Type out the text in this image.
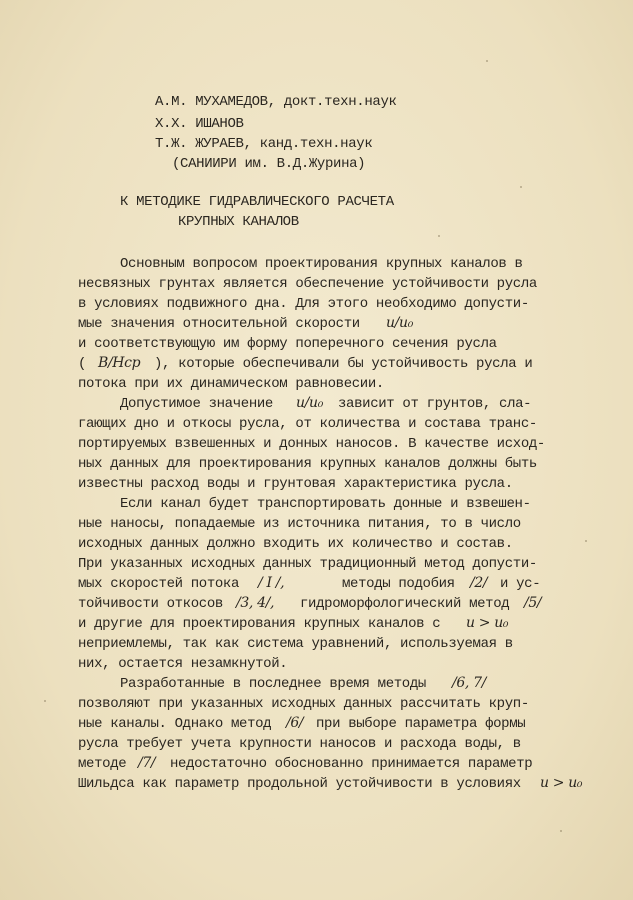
А.М. МУХАМЕДОВ, докт.техн.наук
Х.Х. ИШАНОВ
Т.Ж. ЖУРАЕВ, канд.техн.наук
(САНИИРИ им. В.Д.Журина)
К МЕТОДИКЕ ГИДРАВЛИЧЕСКОГО РАСЧЕТА
КРУПНЫХ КАНАЛОВ
Основным вопросом проектирования крупных каналов в
несвязных грунтах является обеспечение устойчивости русла
в условиях подвижного дна. Для этого необходимо допусти-
мые значения относительной скорости u/u₀
и соответствующую им форму поперечного сечения русла
( B/Hср ), которые обеспечивали бы устойчивость русла и
потока при их динамическом равновесии.
Допустимое значение u/u₀ зависит от грунтов, сла-
гающих дно и откосы русла, от количества и состава транс-
портируемых взвешенных и донных наносов. В качестве исход-
ных данных для проектирования крупных каналов должны быть
известны расход воды и грунтовая характеристика русла.
Если канал будет транспортировать донные и взвешен-
ные наносы, попадаемые из источника питания, то в число
исходных данных должно входить их количество и состав.
При указанных исходных данных традиционный метод допусти-
мых скоростей потока / I /,	методы подобия /2/ и ус-
тойчивости откосов /3, 4/, гидроморфологический метод /5/
и другие для проектирования крупных каналов с u > u₀
неприемлемы, так как система уравнений, используемая в
них, остается незамкнутой.
Разработанные в последнее время методы /6, 7/
позволяют при указанных исходных данных рассчитать круп-
ные каналы. Однако метод /6/ при выборе параметра формы
русла требует учета крупности наносов и расхода воды, в
методе /7/ недостаточно обоснованно принимается параметр
Шильдса как параметр продольной устойчивости в условиях u > u₀
